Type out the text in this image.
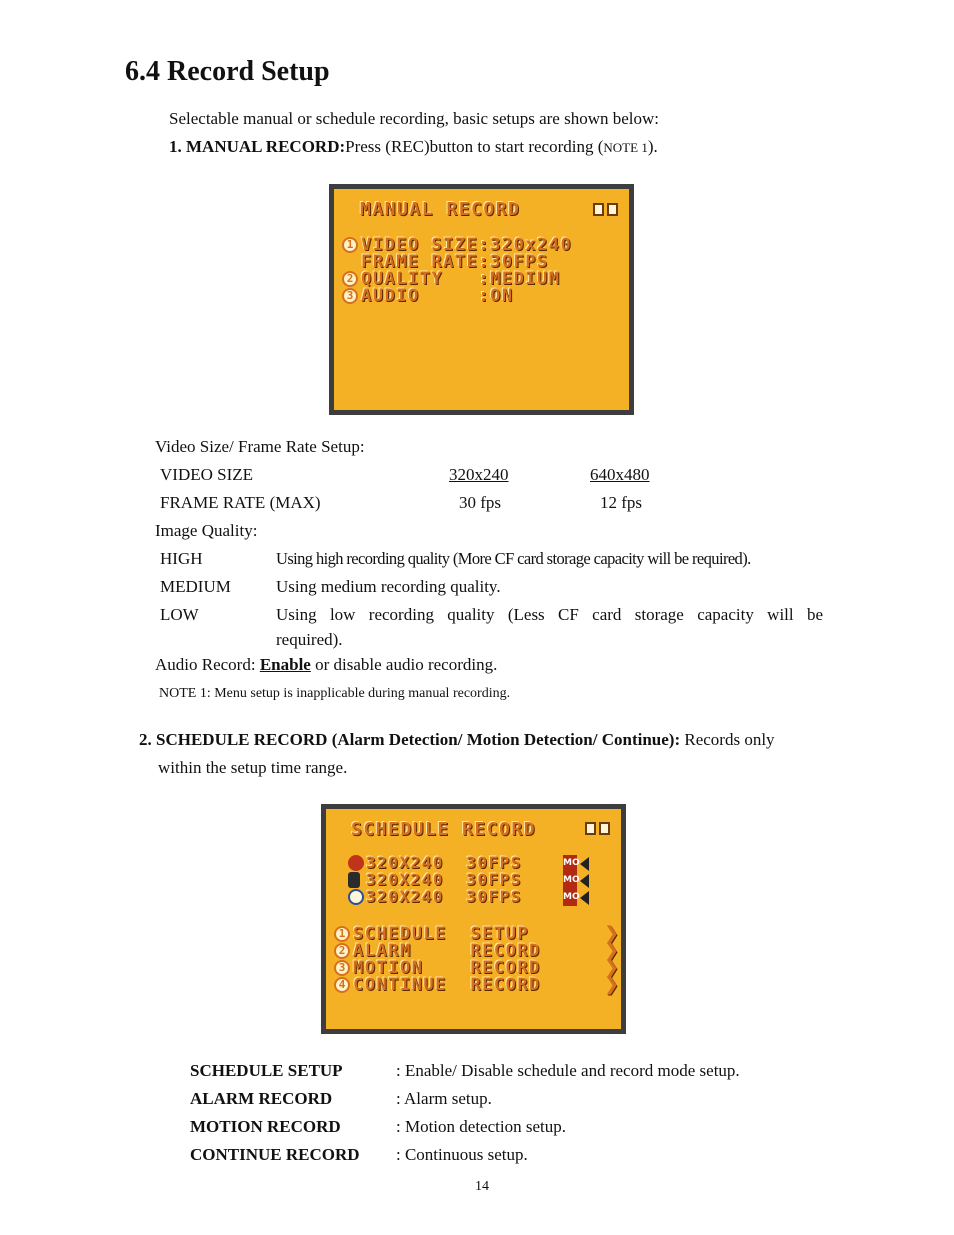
6.4 Record Setup
Selectable manual or schedule recording, basic setups are shown below:
1. MANUAL RECORD:Press (REC)button to start recording (NOTE 1).
MANUAL RECORD
1 VIDEO SIZE:320x240
FRAME RATE:30FPS
2 QUALITY   :MEDIUM
3 AUDIO     :ON
Video Size/ Frame Rate Setup:
VIDEO SIZE	320x240	640x480
FRAME RATE (MAX)	30 fps	12 fps
Image Quality:
HIGH	Using high recording quality (More CF card storage capacity will be required).
MEDIUM	Using medium recording quality.
LOW	Using low recording quality (Less CF card storage capacity will be
required).
Audio Record: Enable or disable audio recording.
NOTE 1: Menu setup is inapplicable during manual recording.
2. SCHEDULE RECORD (Alarm Detection/ Motion Detection/ Continue): Records only
within the setup time range.
SCHEDULE RECORD
320X240 30FPS	MO
320X240 30FPS	MO
320X240 30FPS	MO
1 SCHEDULE SETUP	❯
2 ALARM	RECORD	❯
3 MOTION	RECORD	❯
4 CONTINUE RECORD	❯
SCHEDULE SETUP	: Enable/ Disable schedule and record mode setup.
ALARM RECORD	: Alarm setup.
MOTION RECORD	: Motion detection setup.
CONTINUE RECORD : Continuous setup.
14
